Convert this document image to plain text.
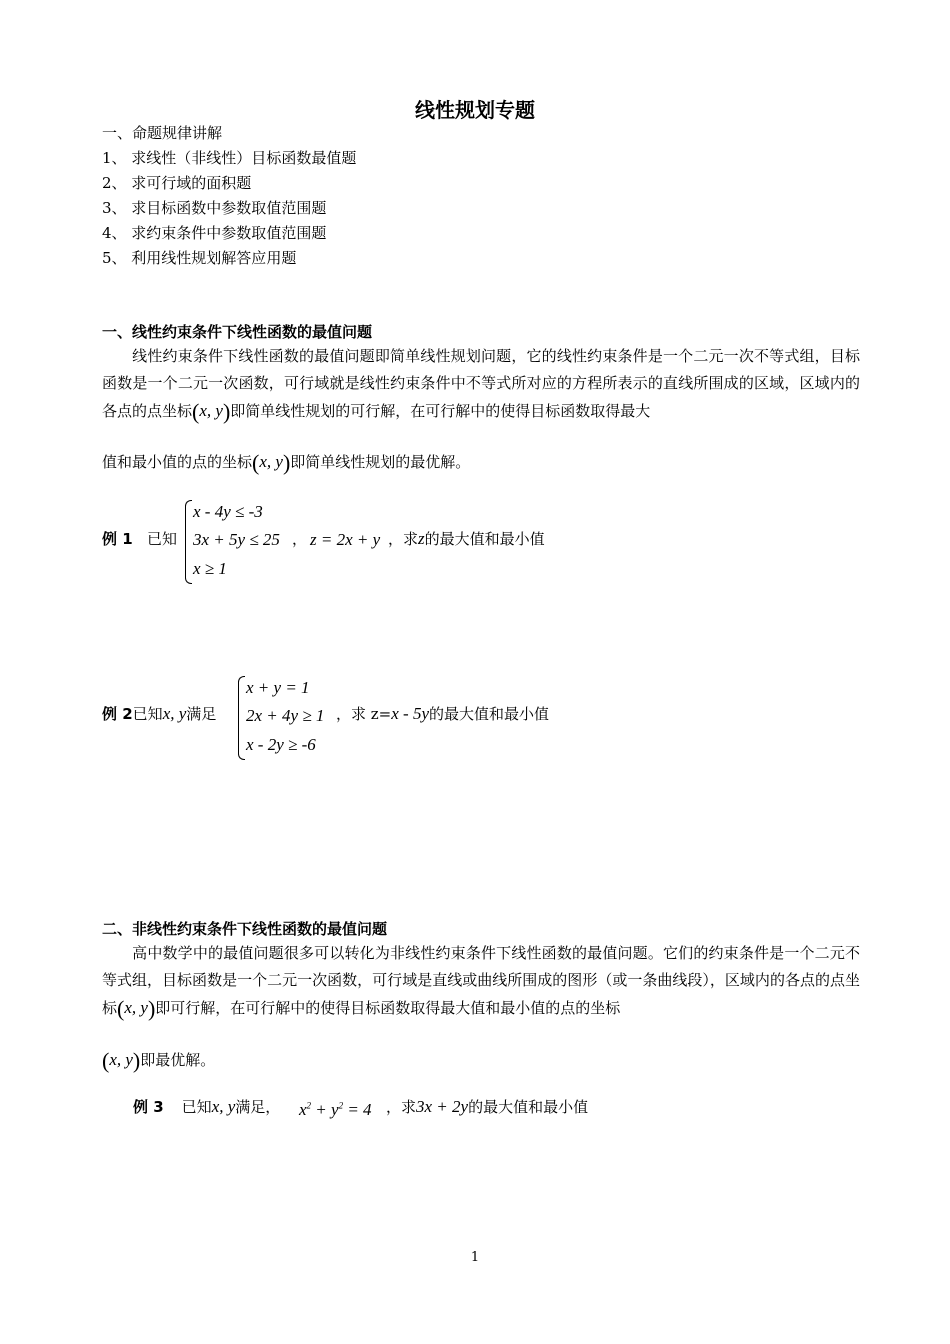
线性规划专题
一、命题规律讲解
1、 求线性（非线性）目标函数最值题
2、 求可行域的面积题
3、 求目标函数中参数取值范围题
4、 求约束条件中参数取值范围题
5、 利用线性规划解答应用题
一、线性约束条件下线性函数的最值问题
线性约束条件下线性函数的最值问题即简单线性规划问题，它的线性约束条件是一个二元一次不等式组，目标函数是一个二元一次函数，可行域就是线性约束条件中不等式所对应的方程所表示的直线所围成的区域，区域内的各点的点坐标(x, y)即简单线性规划的可行解，在可行解中的使得目标函数取得最大
值和最小值的点的坐标(x, y)即简单线性规划的最优解。
例 1 已知
x - 4y ≤ -3
3x + 5y ≤ 25
x ≥ 1
， z = 2x + y ，求z的最大值和最小值
例 2已知x, y满足
x + y = 1
2x + 4y ≥ 1
x - 2y ≥ -6
，求 z=x - 5y的最大值和最小值
二、非线性约束条件下线性函数的最值问题
高中数学中的最值问题很多可以转化为非线性约束条件下线性函数的最值问题。它们的约束条件是一个二元不等式组，目标函数是一个二元一次函数，可行域是直线或曲线所围成的图形（或一条曲线段），区域内的各点的点坐标(x, y)即可行解，在可行解中的使得目标函数取得最大值和最小值的点的坐标
(x, y)即最优解。
例 3 已知x, y满足， $x^2 + y^2 = 4$ ，求3x + 2y的最大值和最小值
1
